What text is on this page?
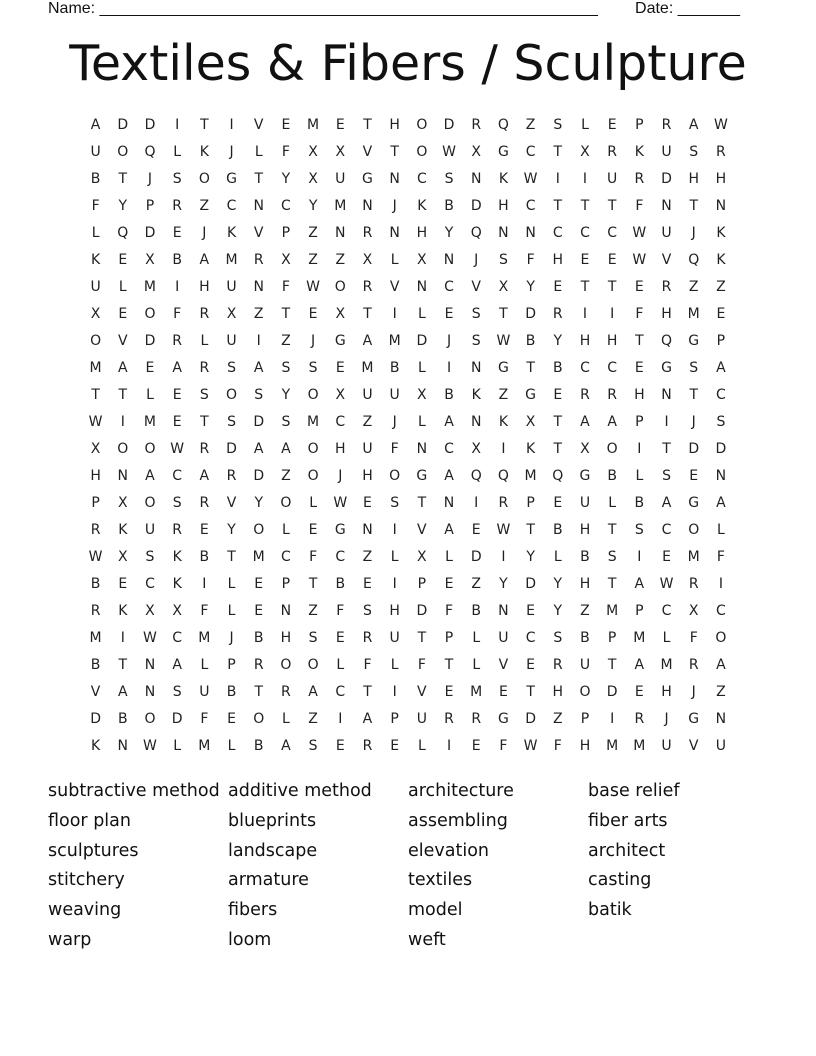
Name: ________________________________________________________ Date: _______
Textiles & Fibers / Sculpture
A	D	D	I	T	I	V	E	M	E	T	H	O	D	R	Q	Z	S	L	E	P	R	A	W
U	O	Q	L	K	J	L	F	X	X	V	T	O	W	X	G	C	T	X	R	K	U	S	R
B	T	J	S	O	G	T	Y	X	U	G	N	C	S	N	K	W	I	I	U	R	D	H	H
F	Y	P	R	Z	C	N	C	Y	M	N	J	K	B	D	H	C	T	T	T	F	N	T	N
L	Q	D	E	J	K	V	P	Z	N	R	N	H	Y	Q	N	N	C	C	C	W	U	J	K
K	E	X	B	A	M	R	X	Z	Z	X	L	X	N	J	S	F	H	E	E	W	V	Q	K
U	L	M	I	H	U	N	F	W	O	R	V	N	C	V	X	Y	E	T	T	E	R	Z	Z
X	E	O	F	R	X	Z	T	E	X	T	I	L	E	S	T	D	R	I	I	F	H	M	E
O	V	D	R	L	U	I	Z	J	G	A	M	D	J	S	W	B	Y	H	H	T	Q	G	P
M	A	E	A	R	S	A	S	S	E	M	B	L	I	N	G	T	B	C	C	E	G	S	A
T	T	L	E	S	O	S	Y	O	X	U	U	X	B	K	Z	G	E	R	R	H	N	T	C
W	I	M	E	T	S	D	S	M	C	Z	J	L	A	N	K	X	T	A	A	P	I	J	S
X	O	O	W	R	D	A	A	O	H	U	F	N	C	X	I	K	T	X	O	I	T	D	D
H	N	A	C	A	R	D	Z	O	J	H	O	G	A	Q	Q	M	Q	G	B	L	S	E	N
P	X	O	S	R	V	Y	O	L	W	E	S	T	N	I	R	P	E	U	L	B	A	G	A
R	K	U	R	E	Y	O	L	E	G	N	I	V	A	E	W	T	B	H	T	S	C	O	L
W	X	S	K	B	T	M	C	F	C	Z	L	X	L	D	I	Y	L	B	S	I	E	M	F
B	E	C	K	I	L	E	P	T	B	E	I	P	E	Z	Y	D	Y	H	T	A	W	R	I
R	K	X	X	F	L	E	N	Z	F	S	H	D	F	B	N	E	Y	Z	M	P	C	X	C
M	I	W	C	M	J	B	H	S	E	R	U	T	P	L	U	C	S	B	P	M	L	F	O
B	T	N	A	L	P	R	O	O	L	F	L	F	T	L	V	E	R	U	T	A	M	R	A
V	A	N	S	U	B	T	R	A	C	T	I	V	E	M	E	T	H	O	D	E	H	J	Z
D	B	O	D	F	E	O	L	Z	I	A	P	U	R	R	G	D	Z	P	I	R	J	G	N
K	N	W	L	M	L	B	A	S	E	R	E	L	I	E	F	W	F	H	M	M	U	V	U
subtractive method
floor plan
sculptures
stitchery
weaving
warp
additive method
blueprints
landscape
armature
fibers
loom
architecture
assembling
elevation
textiles
model
weft
base relief
fiber arts
architect
casting
batik
